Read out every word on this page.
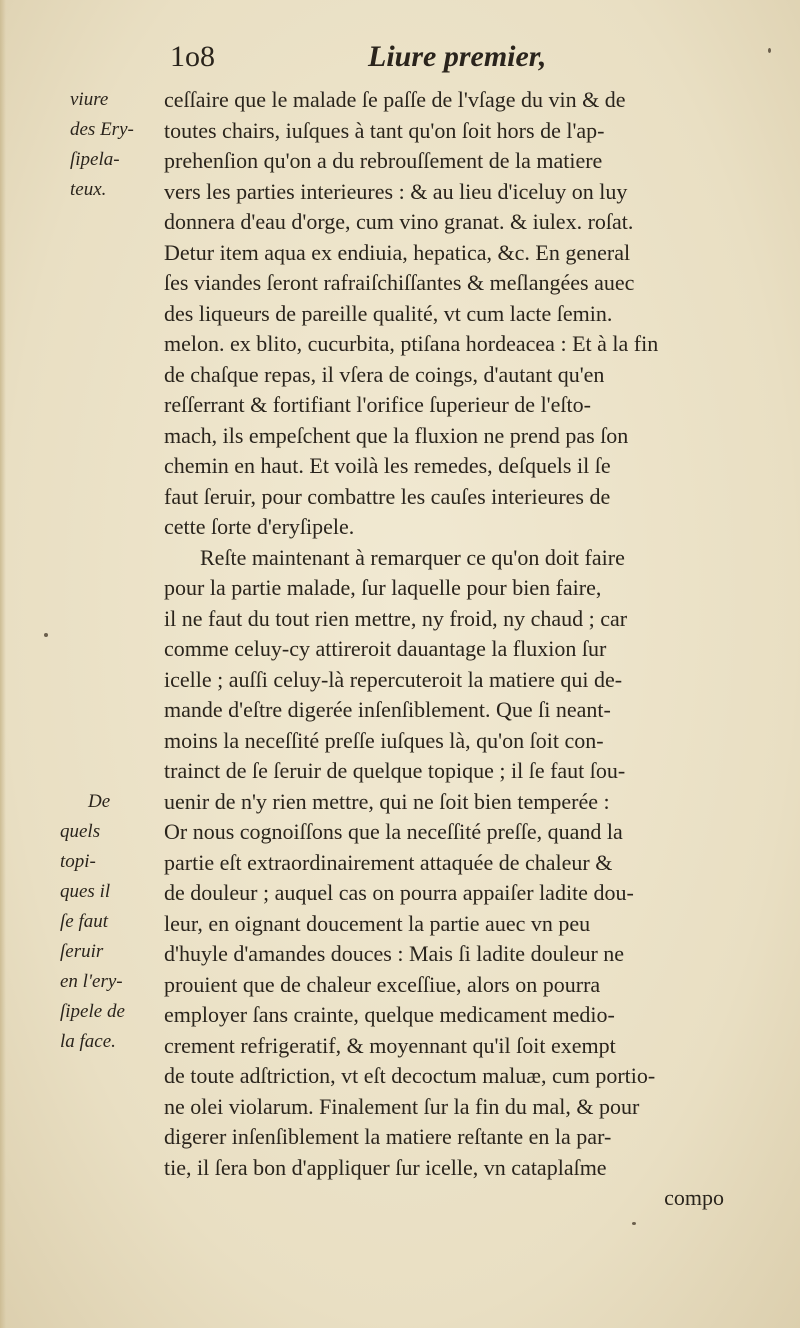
1o8	Liure premier,
viure
des Ery-
ſipela-
teux.
De
quels
topi-
ques il
ſe faut
ſeruir
en l'ery-
ſipele de
la face.
ceſſaire que le malade ſe paſſe de l'vſage du vin & de
toutes chairs, iuſques à tant qu'on ſoit hors de l'ap-
prehenſion qu'on a du rebrouſſement de la matiere
vers les parties interieures : & au lieu d'iceluy on luy
donnera d'eau d'orge, cum vino granat. & iulex. roſat.
Detur item aqua ex endiuia, hepatica, &c. En general
ſes viandes ſeront rafraiſchiſſantes & meſlangées auec
des liqueurs de pareille qualité, vt cum lacte ſemin.
melon. ex blito, cucurbita, ptiſana hordeacea : Et à la fin
de chaſque repas, il vſera de coings, d'autant qu'en
reſſerrant & fortifiant l'orifice ſuperieur de l'eſto-
mach, ils empeſchent que la fluxion ne prend pas ſon
chemin en haut. Et voilà les remedes, deſquels il ſe
faut ſeruir, pour combattre les cauſes interieures de
cette ſorte d'eryſipele.
Reſte maintenant à remarquer ce qu'on doit faire
pour la partie malade, ſur laquelle pour bien faire,
il ne faut du tout rien mettre, ny froid, ny chaud ; car
comme celuy-cy attireroit dauantage la fluxion ſur
icelle ; auſſi celuy-là repercuteroit la matiere qui de-
mande d'eſtre digerée inſenſiblement. Que ſi neant-
moins la neceſſité preſſe iuſques là, qu'on ſoit con-
trainct de ſe ſeruir de quelque topique ; il ſe faut ſou-
uenir de n'y rien mettre, qui ne ſoit bien temperée :
Or nous cognoiſſons que la neceſſité preſſe, quand la
partie eſt extraordinairement attaquée de chaleur &
de douleur ; auquel cas on pourra appaiſer ladite dou-
leur, en oignant doucement la partie auec vn peu
d'huyle d'amandes douces : Mais ſi ladite douleur ne
prouient que de chaleur exceſſiue, alors on pourra
employer ſans crainte, quelque medicament medio-
crement refrigeratif, & moyennant qu'il ſoit exempt
de toute adſtriction, vt eſt decoctum maluæ, cum portio-
ne olei violarum. Finalement ſur la fin du mal, & pour
digerer inſenſiblement la matiere reſtante en la par-
tie, il ſera bon d'appliquer ſur icelle, vn cataplaſme
compo
